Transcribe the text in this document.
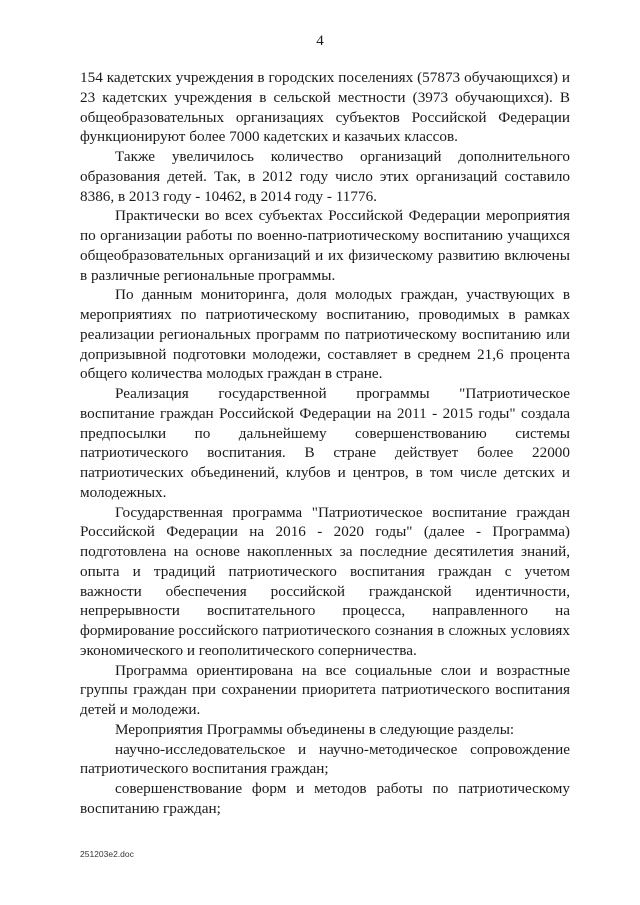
4

154 кадетских учреждения в городских поселениях (57873 обучающихся) и 23 кадетских учреждения в сельской местности (3973 обучающихся). В общеобразовательных организациях субъектов Российской Федерации функционируют более 7000 кадетских и казачьих классов.

Также увеличилось количество организаций дополнительного образования детей. Так, в 2012 году число этих организаций составило 8386, в 2013 году - 10462, в 2014 году - 11776.

Практически во всех субъектах Российской Федерации мероприятия по организации работы по военно-патриотическому воспитанию учащихся общеобразовательных организаций и их физическому развитию включены в различные региональные программы.

По данным мониторинга, доля молодых граждан, участвующих в мероприятиях по патриотическому воспитанию, проводимых в рамках реализации региональных программ по патриотическому воспитанию или допризывной подготовки молодежи, составляет в среднем 21,6 процента общего количества молодых граждан в стране.

Реализация государственной программы "Патриотическое воспитание граждан Российской Федерации на 2011 - 2015 годы" создала предпосылки по дальнейшему совершенствованию системы патриотического воспитания. В стране действует более 22000 патриотических объединений, клубов и центров, в том числе детских и молодежных.

Государственная программа "Патриотическое воспитание граждан Российской Федерации на 2016 - 2020 годы" (далее - Программа) подготовлена на основе накопленных за последние десятилетия знаний, опыта и традиций патриотического воспитания граждан с учетом важности обеспечения российской гражданской идентичности, непрерывности воспитательного процесса, направленного на формирование российского патриотического сознания в сложных условиях экономического и геополитического соперничества.

Программа ориентирована на все социальные слои и возрастные группы граждан при сохранении приоритета патриотического воспитания детей и молодежи.

Мероприятия Программы объединены в следующие разделы:

научно-исследовательское и научно-методическое сопровождение патриотического воспитания граждан;

совершенствование форм и методов работы по патриотическому воспитанию граждан;

251203e2.doc
